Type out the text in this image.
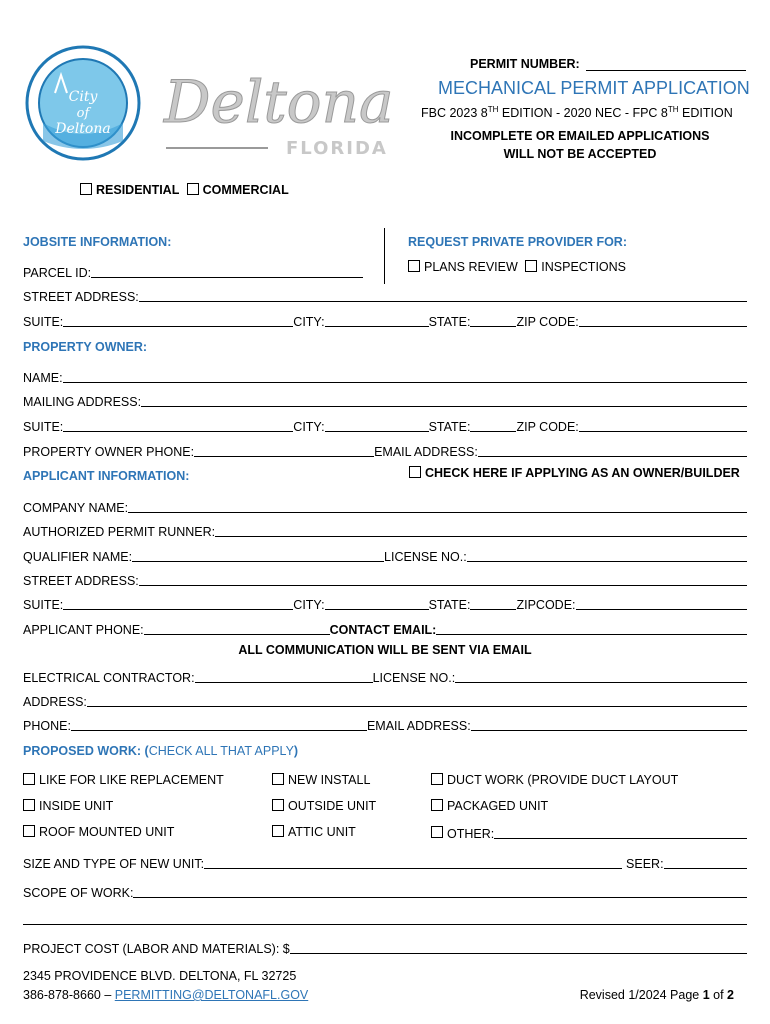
City
of
Deltona Deltona
FLORIDA
PERMIT NUMBER:
MECHANICAL PERMIT APPLICATION
FBC 2023 8TH EDITION - 2020 NEC - FPC 8TH EDITION
INCOMPLETE OR EMAILED APPLICATIONS
WILL NOT BE ACCEPTED
RESIDENTIAL COMMERCIAL
JOBSITE INFORMATION:	REQUEST PRIVATE PROVIDER FOR:
PARCEL ID:	PLANS REVIEW INSPECTIONS
STREET ADDRESS:
SUITE:	CITY:	STATE:	ZIP CODE:
PROPERTY OWNER:
NAME:
MAILING ADDRESS:
SUITE:	CITY:	STATE:	ZIP CODE:
PROPERTY OWNER PHONE:	EMAIL ADDRESS:
APPLICANT INFORMATION:	CHECK HERE IF APPLYING AS AN OWNER/BUILDER
COMPANY NAME:
AUTHORIZED PERMIT RUNNER:
QUALIFIER NAME:	LICENSE NO.:
STREET ADDRESS:
SUITE:	CITY:	STATE:	ZIPCODE:
APPLICANT PHONE:	CONTACT EMAIL:
ALL COMMUNICATION WILL BE SENT VIA EMAIL
ELECTRICAL CONTRACTOR:	LICENSE NO.:
ADDRESS:
PHONE:	EMAIL ADDRESS:
PROPOSED WORK: (CHECK ALL THAT APPLY)
LIKE FOR LIKE REPLACEMENT	NEW INSTALL	DUCT WORK (PROVIDE DUCT LAYOUT
INSIDE UNIT	OUTSIDE UNIT	PACKAGED UNIT
ROOF MOUNTED UNIT	ATTIC UNIT	OTHER:
SIZE AND TYPE OF NEW UNIT:	SEER:
SCOPE OF WORK:
PROJECT COST (LABOR AND MATERIALS): $
2345 PROVIDENCE BLVD. DELTONA, FL 32725
386-878-8660 – PERMITTING@DELTONAFL.GOV	Revised 1/2024 Page 1 of 2
